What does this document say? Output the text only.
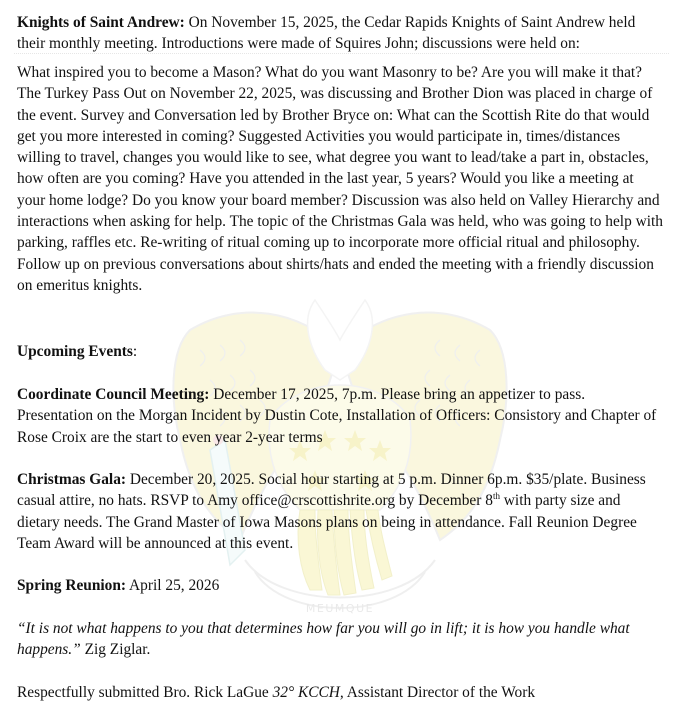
MEUMQUE

Knights of Saint Andrew: On November 15, 2025, the Cedar Rapids Knights of Saint Andrew held their monthly meeting. Introductions were made of Squires John; discussions were held on:

What inspired you to become a Mason? What do you want Masonry to be? Are you will make it that? The Turkey Pass Out on November 22, 2025, was discussing and Brother Dion was placed in charge of the event. Survey and Conversation led by Brother Bryce on: What can the Scottish Rite do that would get you more interested in coming? Suggested Activities you would participate in, times/distances willing to travel, changes you would like to see, what degree you want to lead/take a part in, obstacles, how often are you coming? Have you attended in the last year, 5 years? Would you like a meeting at your home lodge? Do you know your board member? Discussion was also held on Valley Hierarchy and interactions when asking for help. The topic of the Christmas Gala was held, who was going to help with parking, raffles etc. Re-writing of ritual coming up to incorporate more official ritual and philosophy. Follow up on previous conversations about shirts/hats and ended the meeting with a friendly discussion on emeritus knights.

Upcoming Events:

Coordinate Council Meeting: December 17, 2025, 7p.m. Please bring an appetizer to pass. Presentation on the Morgan Incident by Dustin Cote, Installation of Officers: Consistory and Chapter of Rose Croix are the start to even year 2-year terms

Christmas Gala: December 20, 2025. Social hour starting at 5 p.m. Dinner 6p.m. $35/plate. Business casual attire, no hats. RSVP to Amy office@crscottishrite.org by December 8th with party size and dietary needs. The Grand Master of Iowa Masons plans on being in attendance. Fall Reunion Degree Team Award will be announced at this event.

Spring Reunion: April 25, 2026

“It is not what happens to you that determines how far you will go in lift; it is how you handle what happens.” Zig Ziglar.

Respectfully submitted Bro. Rick LaGue 32° KCCH, Assistant Director of the Work
